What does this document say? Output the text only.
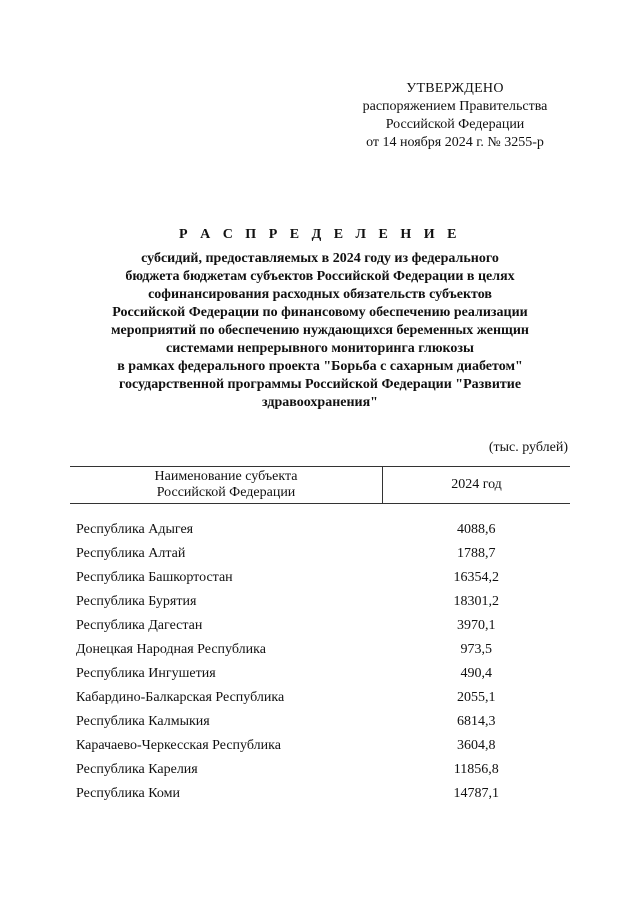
УТВЕРЖДЕНО
распоряжением Правительства
Российской Федерации
от 14 ноября 2024 г. № 3255-р
Р А С П Р Е Д Е Л Е Н И Е
субсидий, предоставляемых в 2024 году из федерального
бюджета бюджетам субъектов Российской Федерации в целях
софинансирования расходных обязательств субъектов
Российской Федерации по финансовому обеспечению реализации
мероприятий по обеспечению нуждающихся беременных женщин
системами непрерывного мониторинга глюкозы
в рамках федерального проекта "Борьба с сахарным диабетом"
государственной программы Российской Федерации "Развитие
здравоохранения"
(тыс. рублей)
Наименование субъекта
Российской Федерации	2024 год

Республика Адыгея	4088,6
Республика Алтай	1788,7
Республика Башкортостан	16354,2
Республика Бурятия	18301,2
Республика Дагестан	3970,1
Донецкая Народная Республика	973,5
Республика Ингушетия	490,4
Кабардино-Балкарская Республика	2055,1
Республика Калмыкия	6814,3
Карачаево-Черкесская Республика	3604,8
Республика Карелия	11856,8
Республика Коми	14787,1
